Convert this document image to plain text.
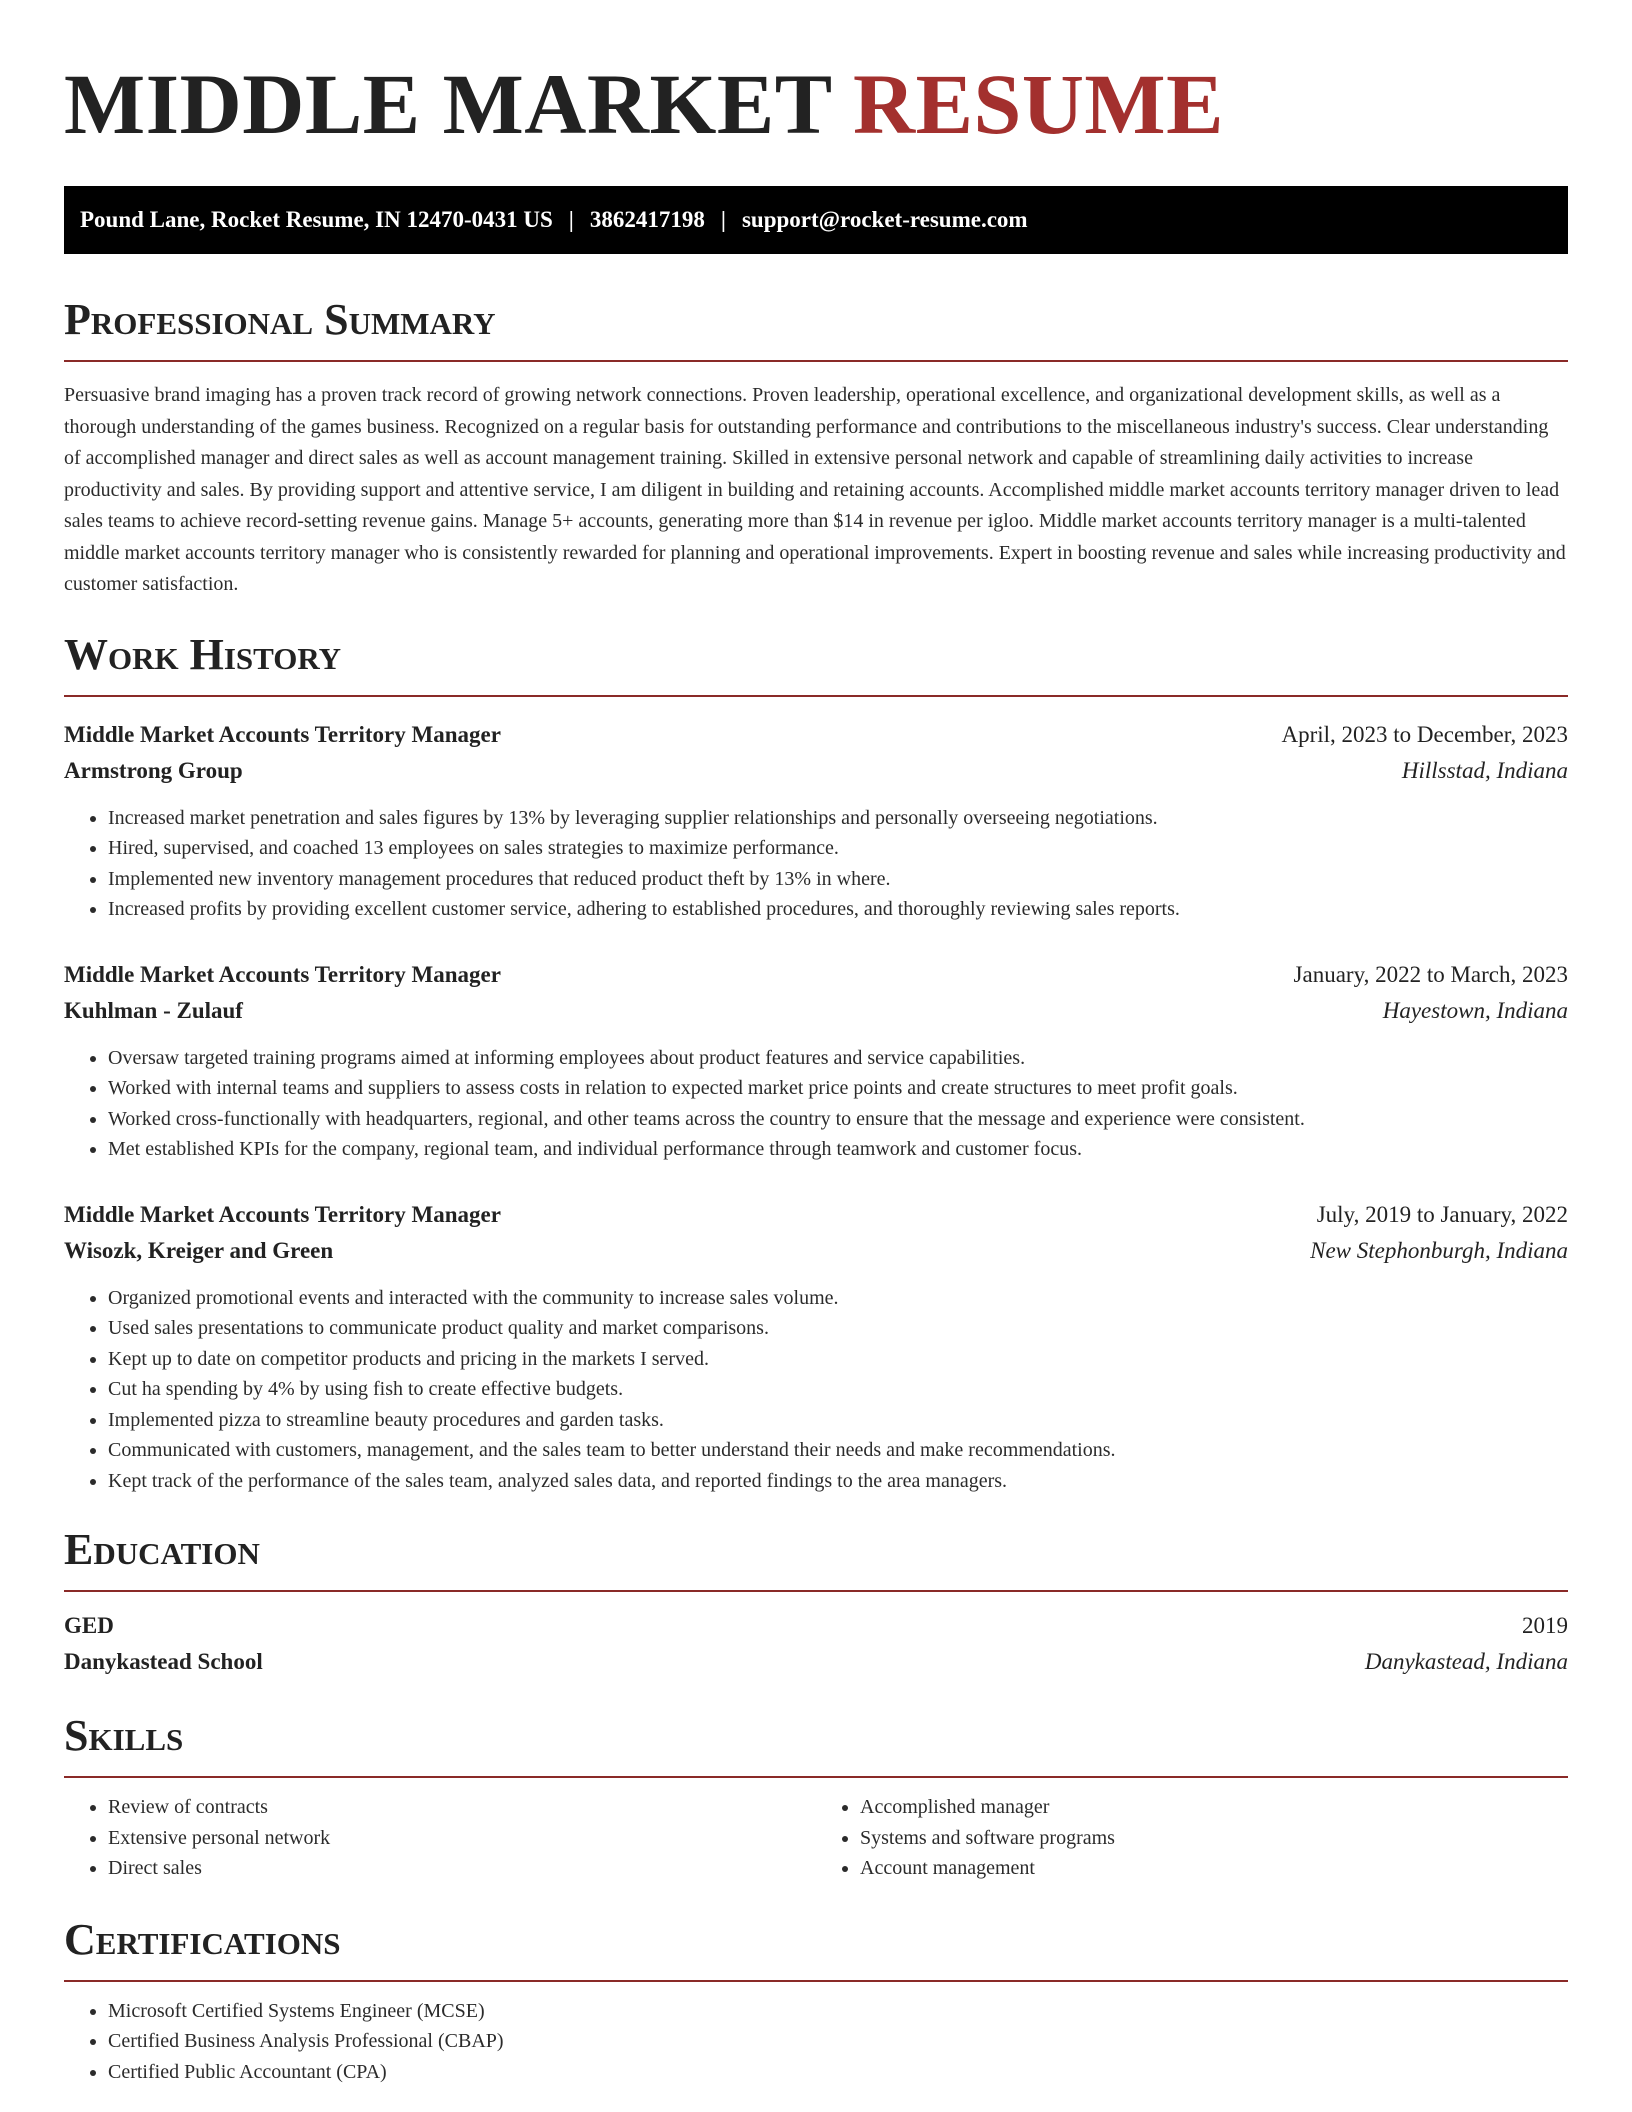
MIDDLE MARKET RESUME
Pound Lane, Rocket Resume, IN 12470-0431 US | 3862417198 | support@rocket-resume.com
Professional Summary

Persuasive brand imaging has a proven track record of growing network connections. Proven leadership, operational excellence, and organizational development skills, as well as a thorough understanding of the games business. Recognized on a regular basis for outstanding performance and contributions to the miscellaneous industry's success. Clear understanding of accomplished manager and direct sales as well as account management training. Skilled in extensive personal network and capable of streamlining daily activities to increase productivity and sales. By providing support and attentive service, I am diligent in building and retaining accounts. Accomplished middle market accounts territory manager driven to lead sales teams to achieve record-setting revenue gains. Manage 5+ accounts, generating more than $14 in revenue per igloo. Middle market accounts territory manager is a multi-talented middle market accounts territory manager who is consistently rewarded for planning and operational improvements. Expert in boosting revenue and sales while increasing productivity and customer satisfaction.

Work History
Middle Market Accounts Territory Manager	April, 2023 to December, 2023
Armstrong Group	Hillsstad, Indiana
• Increased market penetration and sales figures by 13% by leveraging supplier relationships and personally overseeing negotiations.
• Hired, supervised, and coached 13 employees on sales strategies to maximize performance.
• Implemented new inventory management procedures that reduced product theft by 13% in where.
• Increased profits by providing excellent customer service, adhering to established procedures, and thoroughly reviewing sales reports.
Middle Market Accounts Territory Manager	January, 2022 to March, 2023
Kuhlman - Zulauf	Hayestown, Indiana
• Oversaw targeted training programs aimed at informing employees about product features and service capabilities.
• Worked with internal teams and suppliers to assess costs in relation to expected market price points and create structures to meet profit goals.
• Worked cross-functionally with headquarters, regional, and other teams across the country to ensure that the message and experience were consistent.
• Met established KPIs for the company, regional team, and individual performance through teamwork and customer focus.
Middle Market Accounts Territory Manager	July, 2019 to January, 2022
Wisozk, Kreiger and Green	New Stephonburgh, Indiana
• Organized promotional events and interacted with the community to increase sales volume.
• Used sales presentations to communicate product quality and market comparisons.
• Kept up to date on competitor products and pricing in the markets I served.
• Cut ha spending by 4% by using fish to create effective budgets.
• Implemented pizza to streamline beauty procedures and garden tasks.
• Communicated with customers, management, and the sales team to better understand their needs and make recommendations.
• Kept track of the performance of the sales team, analyzed sales data, and reported findings to the area managers.
Education
GED	2019
Danykastead School	Danykastead, Indiana
Skills
• Review of contracts
• Extensive personal network
• Direct sales
• Accomplished manager
• Systems and software programs
• Account management
Certifications
• Microsoft Certified Systems Engineer (MCSE)
• Certified Business Analysis Professional (CBAP)
• Certified Public Accountant (CPA)
